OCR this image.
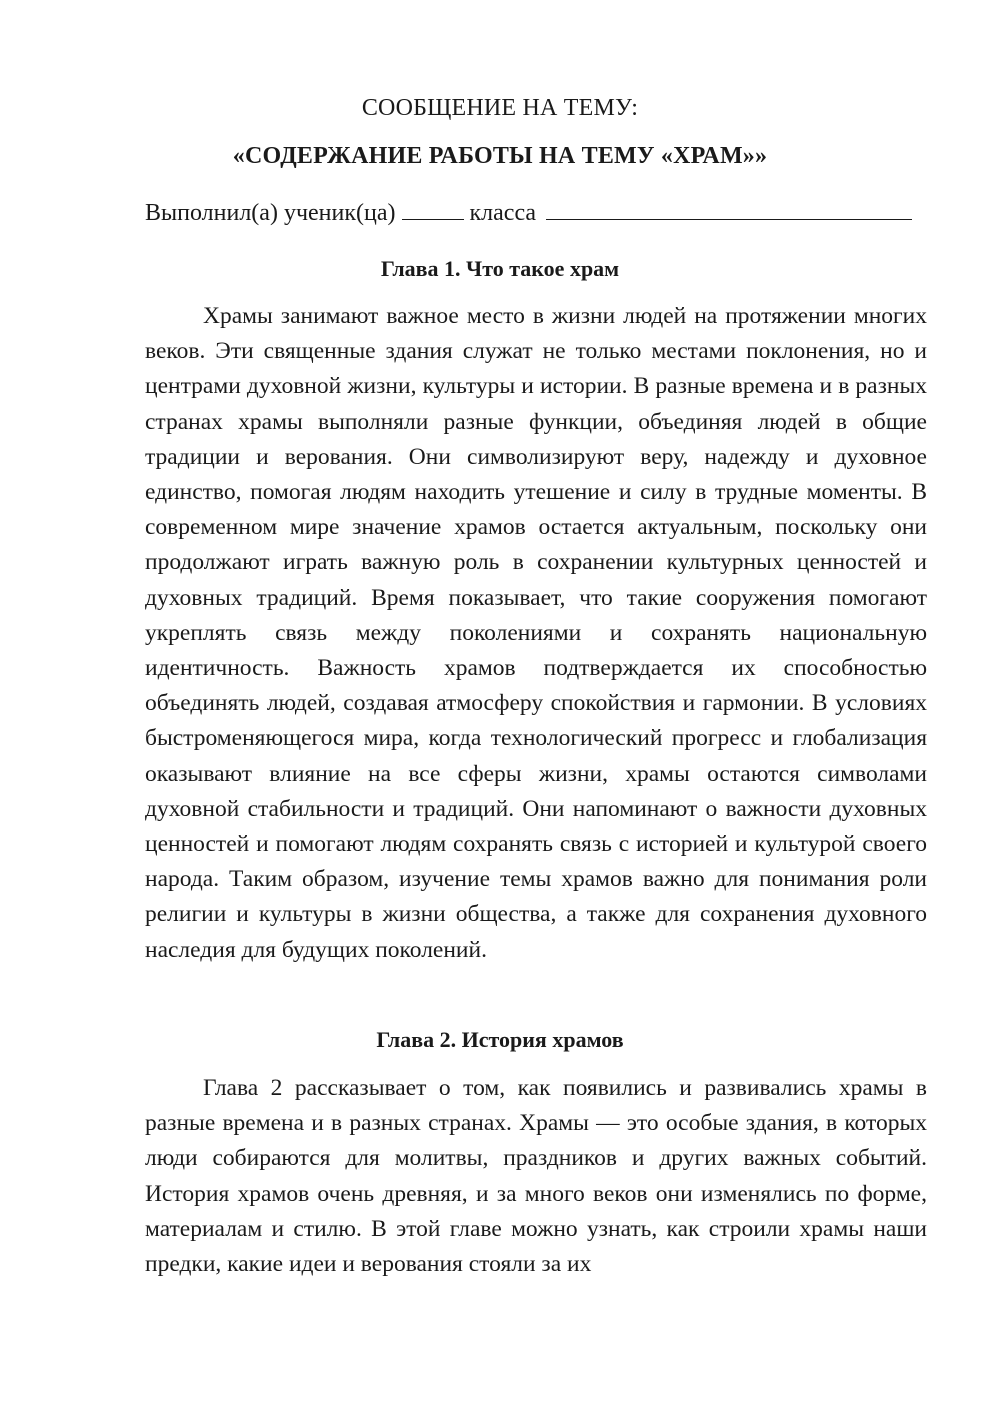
СООБЩЕНИЕ НА ТЕМУ:
«СОДЕРЖАНИЕ РАБОТЫ НА ТЕМУ «ХРАМ»»
Выполнил(а) ученик(ца)	класса
Глава 1. Что такое храм

Храмы занимают важное место в жизни людей на протяжении многих веков. Эти священные здания служат не только местами поклонения, но и центрами духовной жизни, культуры и истории. В разные времена и в разных странах храмы выполняли разные функции, объединяя людей в общие традиции и верования. Они символизируют веру, надежду и духовное единство, помогая людям находить утешение и силу в трудные моменты. В современном мире значение храмов остается актуальным, поскольку они продолжают играть важную роль в сохранении культурных ценностей и духовных традиций. Время показывает, что такие сооружения помогают укреплять связь между поколениями и сохранять национальную идентичность. Важность храмов подтверждается их способностью объединять людей, создавая атмосферу спокойствия и гармонии. В условиях быстроменяющегося мира, когда технологический прогресс и глобализация оказывают влияние на все сферы жизни, храмы остаются символами духовной стабильности и традиций. Они напоминают о важности духовных ценностей и помогают людям сохранять связь с историей и культурой своего народа. Таким образом, изучение темы храмов важно для понимания роли религии и культуры в жизни общества, а также для сохранения духовного наследия для будущих поколений.

Глава 2. История храмов

Глава 2 рассказывает о том, как появились и развивались храмы в разные времена и в разных странах. Храмы — это особые здания, в которых люди собираются для молитвы, праздников и других важных событий. История храмов очень древняя, и за много веков они изменялись по форме, материалам и стилю. В этой главе можно узнать, как строили храмы наши предки, какие идеи и верования стояли за их
